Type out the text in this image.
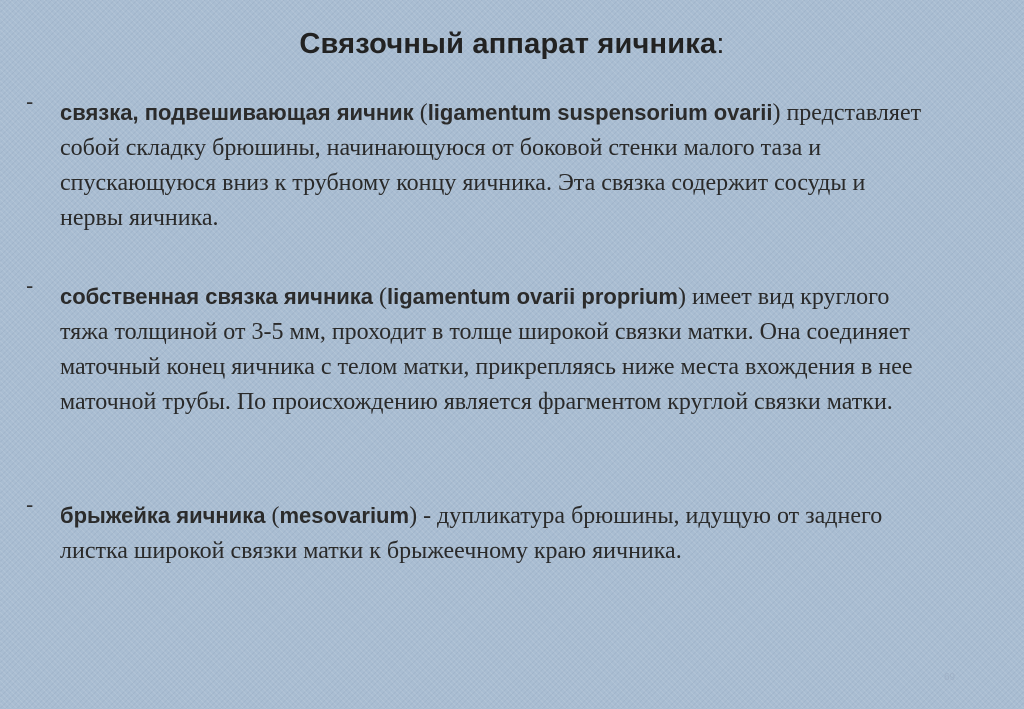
Связочный аппарат яичника:
- связка, подвешивающая яичник (ligamentum suspensorium ovarii) представляет собой складку брюшины, начинающуюся от боковой стенки малого таза и спускающуюся вниз к трубному концу яичника. Эта связка содержит сосуды и нервы яичника.

- собственная связка яичника (ligamentum ovarii proprium) имеет вид круглого тяжа толщиной от 3-5 мм, проходит в толще широкой связки матки. Она соединяет маточный конец яичника с телом матки, прикрепляясь ниже места вхождения в нее маточной трубы. По происхождению является фрагментом круглой связки матки.

- брыжейка яичника (mesovarium) - дупликатура брюшины, идущую от заднего листка широкой связки матки к брыжеечному краю яичника.

69
